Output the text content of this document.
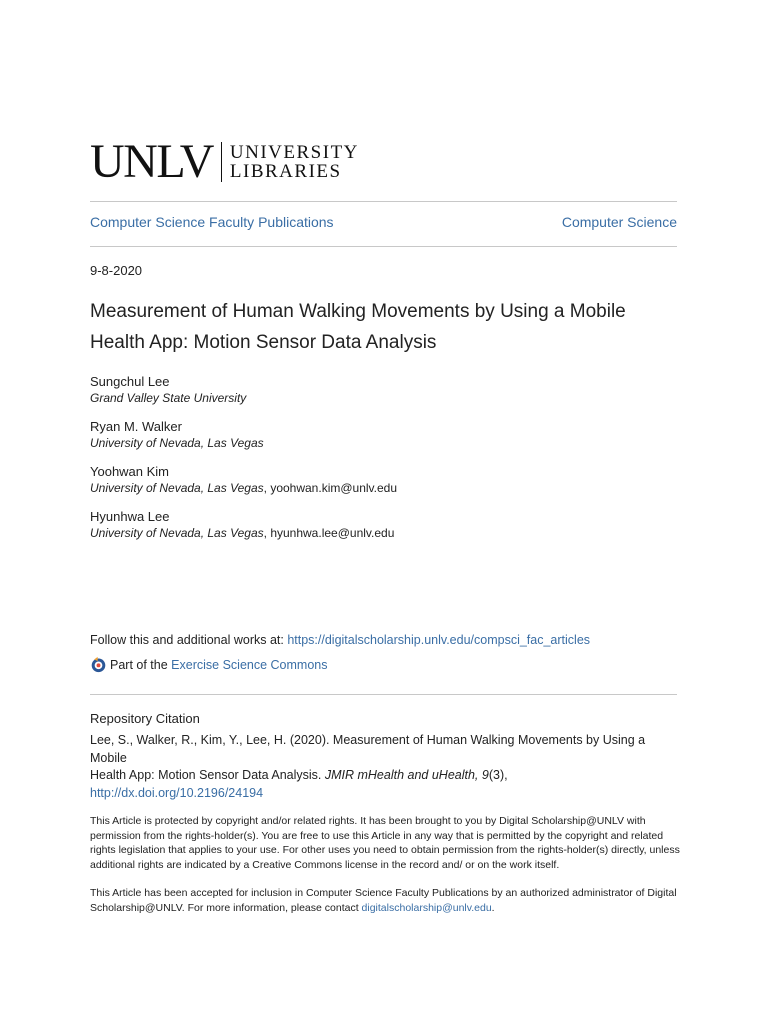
UNLV UNIVERSITY
LIBRARIES
Computer Science Faculty Publications	Computer Science
9-8-2020
Measurement of Human Walking Movements by Using a Mobile
Health App: Motion Sensor Data Analysis
Sungchul Lee
Grand Valley State University
Ryan M. Walker
University of Nevada, Las Vegas
Yoohwan Kim
University of Nevada, Las Vegas, yoohwan.kim@unlv.edu
Hyunhwa Lee
University of Nevada, Las Vegas, hyunhwa.lee@unlv.edu
Follow this and additional works at: https://digitalscholarship.unlv.edu/compsci_fac_articles
Part of the
Exercise Science Commons
Repository Citation
Lee, S., Walker, R., Kim, Y., Lee, H. (2020). Measurement of Human Walking Movements by Using a Mobile
Health App: Motion Sensor Data Analysis. JMIR mHealth and uHealth, 9(3),
http://dx.doi.org/10.2196/24194

This Article is protected by copyright and/or related rights. It has been brought to you by Digital Scholarship@UNLV with permission from the rights-holder(s). You are free to use this Article in any way that is permitted by the copyright and related rights legislation that applies to your use. For other uses you need to obtain permission from the rights-holder(s) directly, unless additional rights are indicated by a Creative Commons license in the record and/ or on the work itself.

This Article has been accepted for inclusion in Computer Science Faculty Publications by an authorized administrator of Digital Scholarship@UNLV. For more information, please contact digitalscholarship@unlv.edu.
